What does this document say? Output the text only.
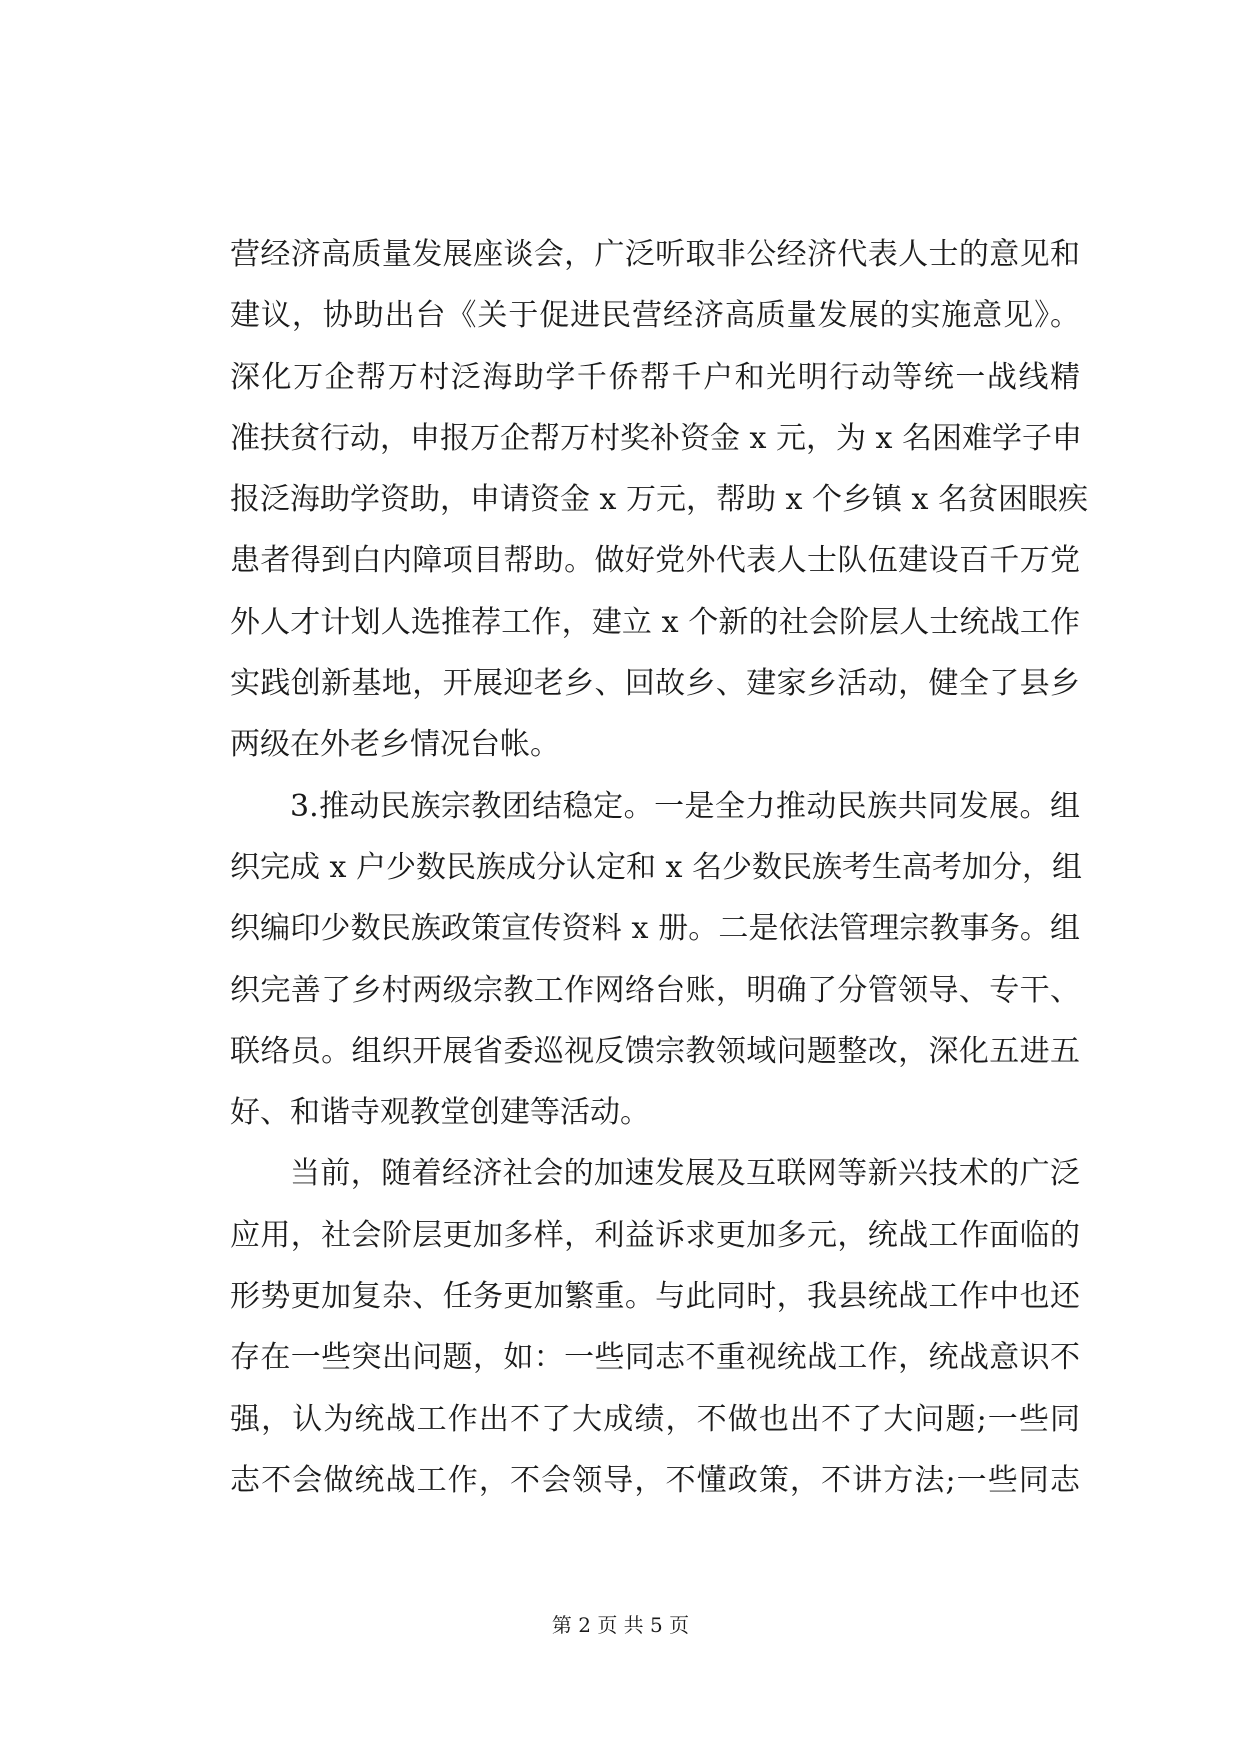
营经济高质量发展座谈会，广泛听取非公经济代表人士的意见和
建议，协助出台《关于促进民营经济高质量发展的实施意见》。
深化万企帮万村泛海助学千侨帮千户和光明行动等统一战线精
准扶贫行动，申报万企帮万村奖补资金 x 元，为 x 名困难学子申
报泛海助学资助，申请资金 x 万元，帮助 x 个乡镇 x 名贫困眼疾
患者得到白内障项目帮助。做好党外代表人士队伍建设百千万党
外人才计划人选推荐工作，建立 x 个新的社会阶层人士统战工作
实践创新基地，开展迎老乡、回故乡、建家乡活动，健全了县乡
两级在外老乡情况台帐。
3.推动民族宗教团结稳定。一是全力推动民族共同发展。组
织完成 x 户少数民族成分认定和 x 名少数民族考生高考加分，组
织编印少数民族政策宣传资料 x 册。二是依法管理宗教事务。组
织完善了乡村两级宗教工作网络台账，明确了分管领导、专干、
联络员。组织开展省委巡视反馈宗教领域问题整改，深化五进五
好、和谐寺观教堂创建等活动。
当前，随着经济社会的加速发展及互联网等新兴技术的广泛
应用，社会阶层更加多样，利益诉求更加多元，统战工作面临的
形势更加复杂、任务更加繁重。与此同时，我县统战工作中也还
存在一些突出问题，如：一些同志不重视统战工作，统战意识不
强，认为统战工作出不了大成绩，不做也出不了大问题;一些同
志不会做统战工作，不会领导，不懂政策，不讲方法;一些同志
第 2 页 共 5 页
